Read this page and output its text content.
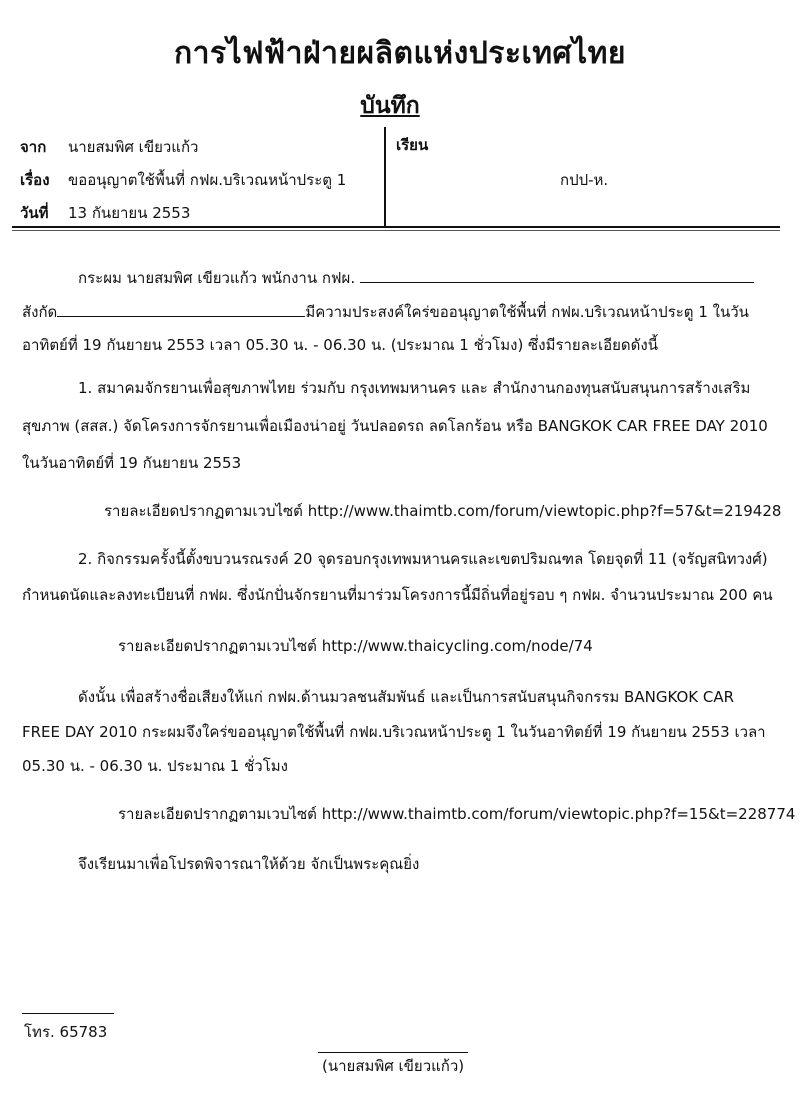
การไฟฟ้าฝ่ายผลิตแห่งประเทศไทย
บันทึก
จาก นายสมพิศ เขียวแก้ว
เรื่อง ขออนุญาตใช้พื้นที่ กฟผ.บริเวณหน้าประตู 1
วันที่ 13 กันยายน 2553
เรียน
กปป-ห.
กระผม นายสมพิศ เขียวแก้ว พนักงาน กฟผ.
สังกัด	มีความประสงค์ใคร่ขออนุญาตใช้พื้นที่ กฟผ.บริเวณหน้าประตู 1 ในวัน
อาทิตย์ที่ 19 กันยายน 2553 เวลา 05.30 น. - 06.30 น. (ประมาณ 1 ชั่วโมง) ซึ่งมีรายละเอียดดังนี้
1. สมาคมจักรยานเพื่อสุขภาพไทย ร่วมกับ กรุงเทพมหานคร และ สำนักงานกองทุนสนับสนุนการสร้างเสริม
สุขภาพ (สสส.) จัดโครงการจักรยานเพื่อเมืองน่าอยู่ วันปลอดรถ ลดโลกร้อน หรือ BANGKOK CAR FREE DAY 2010
ในวันอาทิตย์ที่ 19 กันยายน 2553
รายละเอียดปรากฏตามเวบไซต์ http://www.thaimtb.com/forum/viewtopic.php?f=57&t=219428
2. กิจกรรมครั้งนี้ตั้งขบวนรณรงค์ 20 จุดรอบกรุงเทพมหานครและเขตปริมณฑล โดยจุดที่ 11 (จรัญสนิทวงศ์)
กำหนดนัดและลงทะเบียนที่ กฟผ. ซึ่งนักปั่นจักรยานที่มาร่วมโครงการนี้มีถิ่นที่อยู่รอบ ๆ กฟผ. จำนวนประมาณ 200 คน
รายละเอียดปรากฏตามเวบไซต์ http://www.thaicycling.com/node/74
ดังนั้น เพื่อสร้างชื่อเสียงให้แก่ กฟผ.ด้านมวลชนสัมพันธ์ และเป็นการสนับสนุนกิจกรรม BANGKOK CAR
FREE DAY 2010 กระผมจึงใคร่ขออนุญาตใช้พื้นที่ กฟผ.บริเวณหน้าประตู 1 ในวันอาทิตย์ที่ 19 กันยายน 2553 เวลา
05.30 น. - 06.30 น. ประมาณ 1 ชั่วโมง
รายละเอียดปรากฏตามเวบไซต์ http://www.thaimtb.com/forum/viewtopic.php?f=15&t=228774
จึงเรียนมาเพื่อโปรดพิจารณาให้ด้วย จักเป็นพระคุณยิ่ง
โทร. 65783
(นายสมพิศ เขียวแก้ว)
